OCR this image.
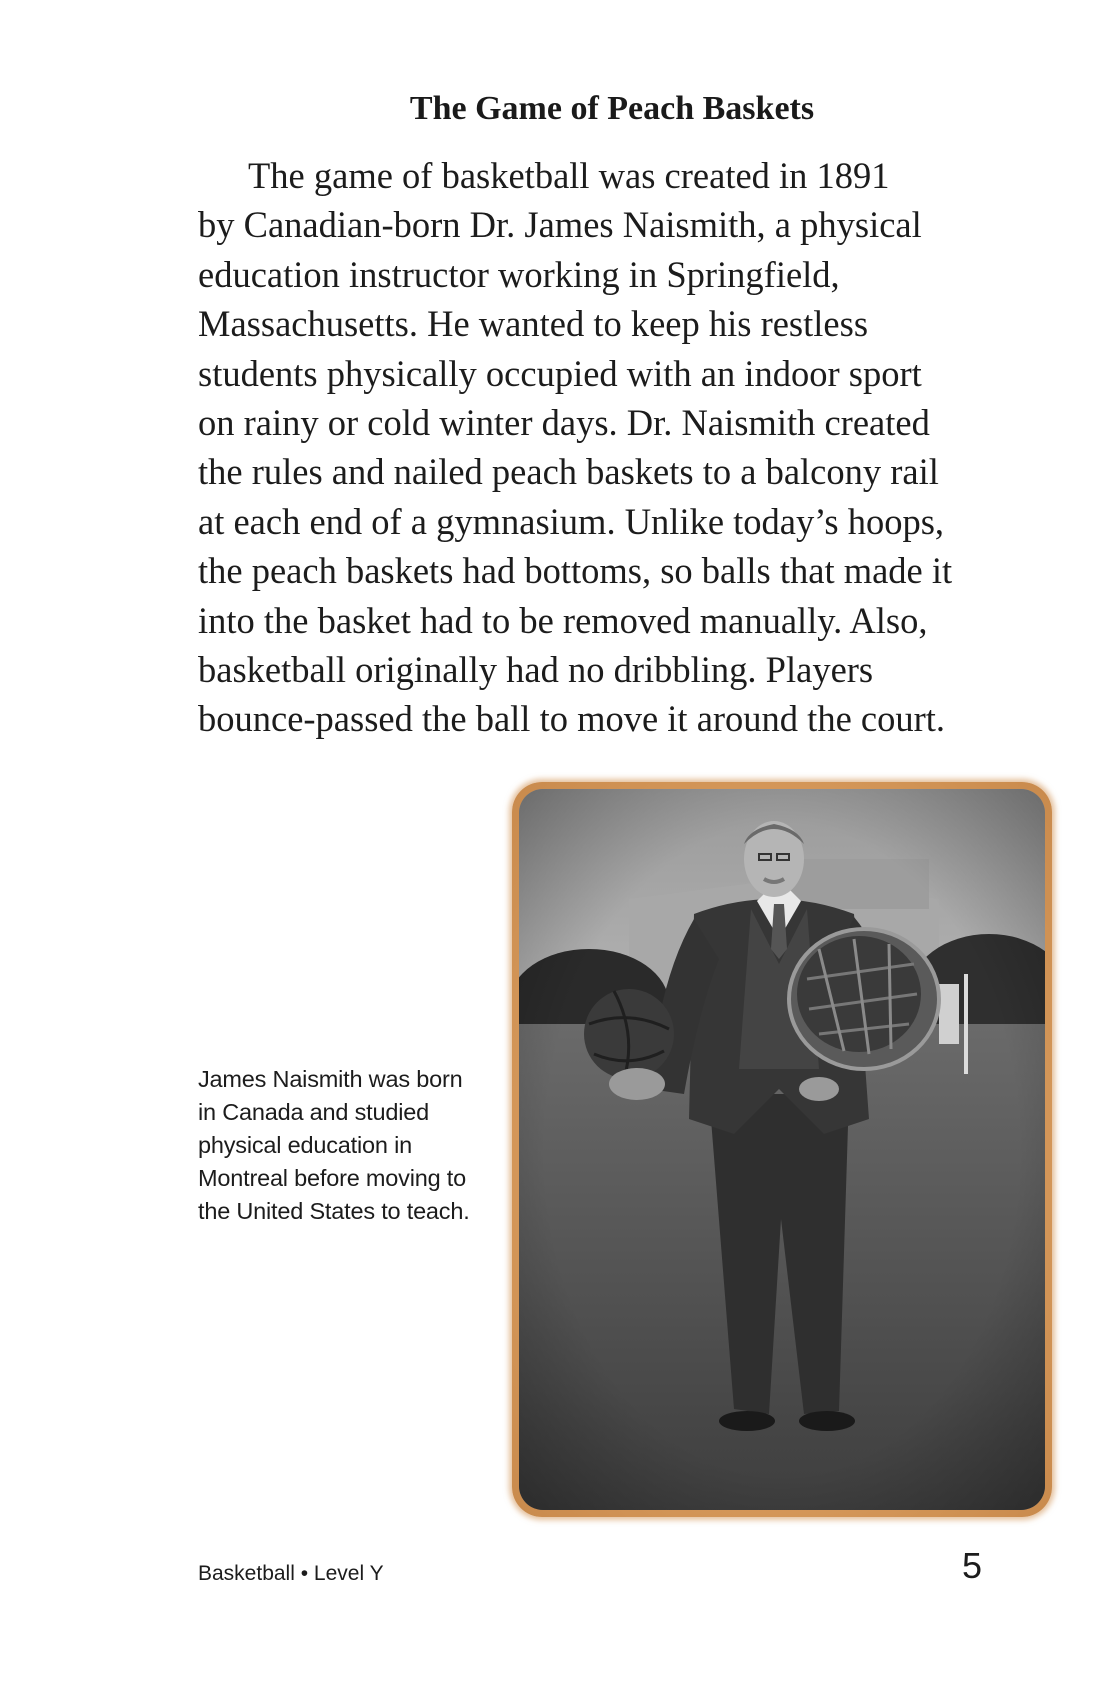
The Game of Peach Baskets

The game of basketball was created in 1891
by Canadian-born Dr. James Naismith, a physical
education instructor working in Springfield,
Massachusetts. He wanted to keep his restless
students physically occupied with an indoor sport
on rainy or cold winter days. Dr. Naismith created
the rules and nailed peach baskets to a balcony rail
at each end of a gymnasium. Unlike today’s hoops,
the peach baskets had bottoms, so balls that made it
into the basket had to be removed manually. Also,
basketball originally had no dribbling. Players
bounce-passed the ball to move it around the court.

James Naismith was born
in Canada and studied
physical education in
Montreal before moving to
the United States to teach.
Basketball • Level Y	5
